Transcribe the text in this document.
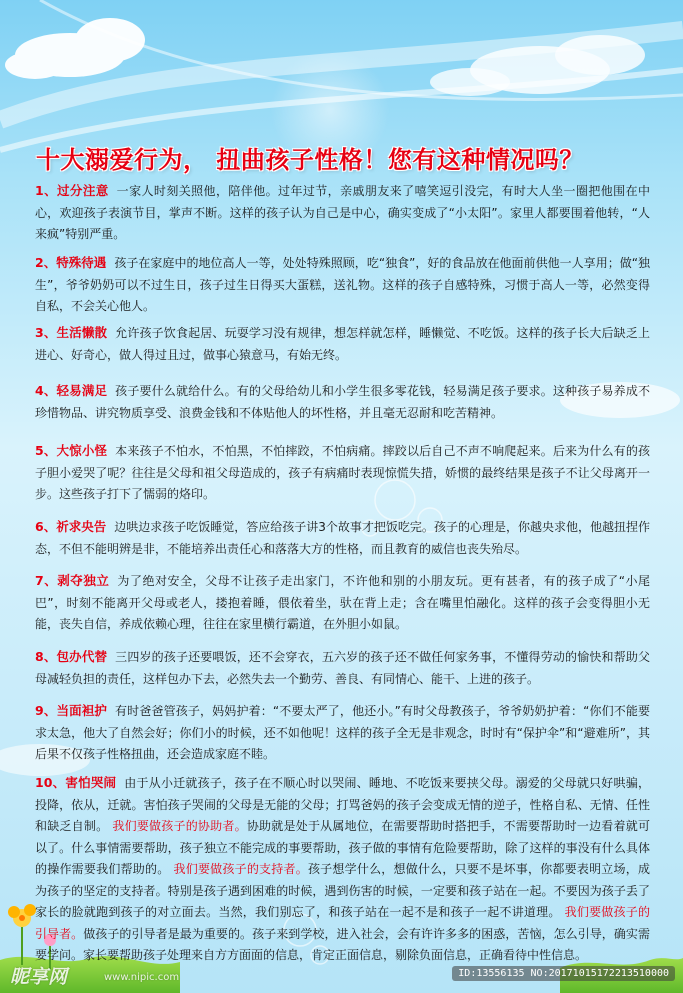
十大溺爱行为， 扭曲孩子性格！您有这种情况吗？
1、过分注意 一家人时刻关照他，陪伴他。过年过节，亲戚朋友来了嘻笑逗引没完，有时大人坐一圈把他围在中心，欢迎孩子表演节目，掌声不断。这样的孩子认为自己是中心，确实变成了“小太阳”。家里人都要围着他转，“人来疯”特别严重。
2、特殊待遇 孩子在家庭中的地位高人一等，处处特殊照顾，吃“独食”，好的食品放在他面前供他一人享用；做“独生”，爷爷奶奶可以不过生日，孩子过生日得买大蛋糕，送礼物。这样的孩子自感特殊，习惯于高人一等，必然变得自私，不会关心他人。
3、生活懒散 允许孩子饮食起居、玩耍学习没有规律，想怎样就怎样，睡懒觉、不吃饭。这样的孩子长大后缺乏上进心、好奇心，做人得过且过，做事心猿意马，有始无终。
4、轻易满足 孩子要什么就给什么。有的父母给幼儿和小学生很多零花钱，轻易满足孩子要求。这种孩子易养成不珍惜物品、讲究物质享受、浪费金钱和不体贴他人的坏性格，并且毫无忍耐和吃苦精神。
5、大惊小怪 本来孩子不怕水，不怕黑，不怕摔跤，不怕病痛。摔跤以后自己不声不响爬起来。后来为什么有的孩子胆小爱哭了呢？往往是父母和祖父母造成的，孩子有病痛时表现惊慌失措，娇惯的最终结果是孩子不让父母离开一步。这些孩子打下了懦弱的烙印。
6、祈求央告 边哄边求孩子吃饭睡觉，答应给孩子讲3个故事才把饭吃完。孩子的心理是，你越央求他，他越扭捏作态，不但不能明辨是非，不能培养出责任心和落落大方的性格，而且教育的威信也丧失殆尽。
7、剥夺独立 为了绝对安全，父母不让孩子走出家门，不许他和别的小朋友玩。更有甚者，有的孩子成了“小尾巴”，时刻不能离开父母或老人，搂抱着睡，偎依着坐，驮在背上走；含在嘴里怕融化。这样的孩子会变得胆小无能，丧失自信，养成依赖心理，往往在家里横行霸道，在外胆小如鼠。
8、包办代替 三四岁的孩子还要喂饭，还不会穿衣，五六岁的孩子还不做任何家务事，不懂得劳动的愉快和帮助父母减轻负担的责任，这样包办下去，必然失去一个勤劳、善良、有同情心、能干、上进的孩子。
9、当面袒护 有时爸爸管孩子，妈妈护着：“不要太严了，他还小。”有时父母教孩子，爷爷奶奶护着：“你们不能要求太急，他大了自然会好；你们小的时候，还不如他呢！这样的孩子全无是非观念，时时有“保护伞”和“避难所”，其后果不仅孩子性格扭曲，还会造成家庭不睦。
10、害怕哭闹 由于从小迁就孩子，孩子在不顺心时以哭闹、睡地、不吃饭来要挟父母。溺爱的父母就只好哄骗，投降，依从，迁就。害怕孩子哭闹的父母是无能的父母；打骂爸妈的孩子会变成无情的逆子，性格自私、无情、任性和缺乏自制。 我们要做孩子的协助者。协助就是处于从属地位，在需要帮助时搭把手，不需要帮助时一边看着就可以了。什么事情需要帮助，孩子独立不能完成的事要帮助，孩子做的事情有危险要帮助，除了这样的事没有什么具体的操作需要我们帮助的。 我们要做孩子的支持者。孩子想学什么，想做什么，只要不是坏事，你都要表明立场，成为孩子的坚定的支持者。特别是孩子遇到困难的时候，遇到伤害的时候，一定要和孩子站在一起。不要因为孩子丢了家长的脸就跑到孩子的对立面去。当然，我们别忘了，和孩子站在一起不是和孩子一起不讲道理。 我们要做孩子的引导者。做孩子的引导者是最为重要的。孩子来到学校，进入社会，会有许许多多的困惑，苦恼，怎么引导，确实需要学问。家长要帮助孩子处理来自方方面面的信息，肯定正面信息，剔除负面信息，正确看待中性信息。
昵享网	www.nipic.com	ID:13556135 NO:20171015172213510000
